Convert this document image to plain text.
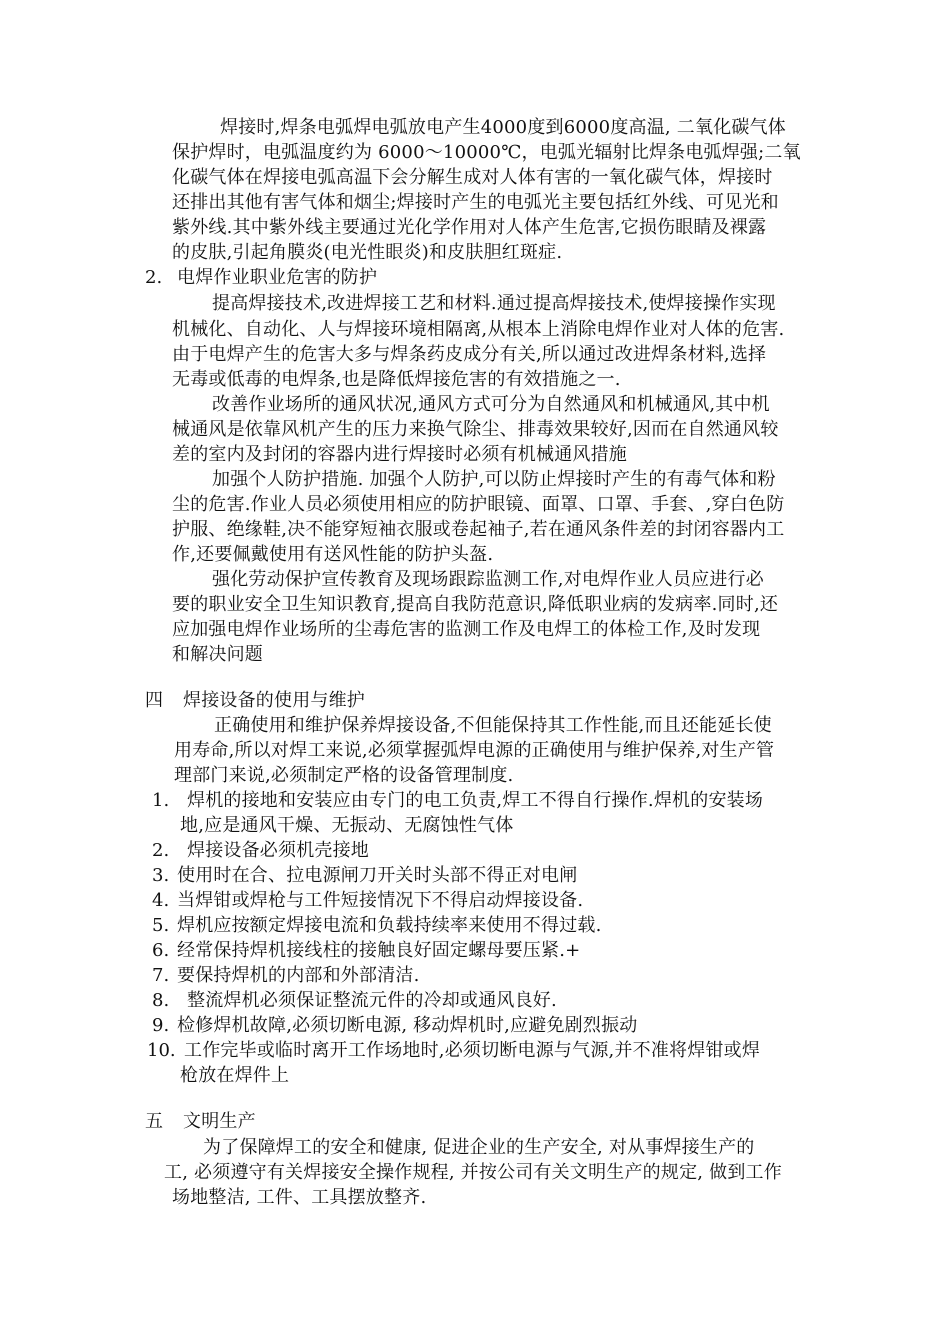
焊接时,焊条电弧焊电弧放电产生4000度到6000度高温, 二氧化碳气体
保护焊时，电弧温度约为 6000～10000℃，电弧光辐射比焊条电弧焊强;二氧
化碳气体在焊接电弧高温下会分解生成对人体有害的一氧化碳气体，焊接时
还排出其他有害气体和烟尘;焊接时产生的电弧光主要包括红外线、可见光和
紫外线.其中紫外线主要通过光化学作用对人体产生危害,它损伤眼睛及裸露
的皮肤,引起角膜炎(电光性眼炎)和皮肤胆红斑症.
2. 电焊作业职业危害的防护
提高焊接技术,改进焊接工艺和材料.通过提高焊接技术,使焊接操作实现
机械化、自动化、人与焊接环境相隔离,从根本上消除电焊作业对人体的危害.
由于电焊产生的危害大多与焊条药皮成分有关,所以通过改进焊条材料,选择
无毒或低毒的电焊条,也是降低焊接危害的有效措施之一.
改善作业场所的通风状况,通风方式可分为自然通风和机械通风,其中机
械通风是依靠风机产生的压力来换气除尘、排毒效果较好,因而在自然通风较
差的室内及封闭的容器内进行焊接时必须有机械通风措施
加强个人防护措施. 加强个人防护,可以防止焊接时产生的有毒气体和粉
尘的危害.作业人员必须使用相应的防护眼镜、面罩、口罩、手套、,穿白色防
护服、绝缘鞋,决不能穿短袖衣服或卷起袖子,若在通风条件差的封闭容器内工
作,还要佩戴使用有送风性能的防护头盔.
强化劳动保护宣传教育及现场跟踪监测工作,对电焊作业人员应进行必
要的职业安全卫生知识教育,提高自我防范意识,降低职业病的发病率.同时,还
应加强电焊作业场所的尘毒危害的监测工作及电焊工的体检工作,及时发现
和解决问题
四 焊接设备的使用与维护
正确使用和维护保养焊接设备,不但能保持其工作性能,而且还能延长使
用寿命,所以对焊工来说,必须掌握弧焊电源的正确使用与维护保养,对生产管
理部门来说,必须制定严格的设备管理制度.
1. 焊机的接地和安装应由专门的电工负责,焊工不得自行操作.焊机的安装场
地,应是通风干燥、无振动、无腐蚀性气体
2. 焊接设备必须机壳接地
3. 使用时在合、拉电源闸刀开关时头部不得正对电闸
4. 当焊钳或焊枪与工件短接情况下不得启动焊接设备.
5. 焊机应按额定焊接电流和负载持续率来使用不得过载.
6. 经常保持焊机接线柱的接触良好固定螺母要压紧.+
7. 要保持焊机的内部和外部清洁.
8. 整流焊机必须保证整流元件的冷却或通风良好.
9. 检修焊机故障,必须切断电源, 移动焊机时,应避免剧烈振动
10. 工作完毕或临时离开工作场地时,必须切断电源与气源,并不准将焊钳或焊
枪放在焊件上
五 文明生产
为了保障焊工的安全和健康, 促进企业的生产安全, 对从事焊接生产的
工, 必须遵守有关焊接安全操作规程, 并按公司有关文明生产的规定, 做到工作
场地整洁, 工件、工具摆放整齐.
